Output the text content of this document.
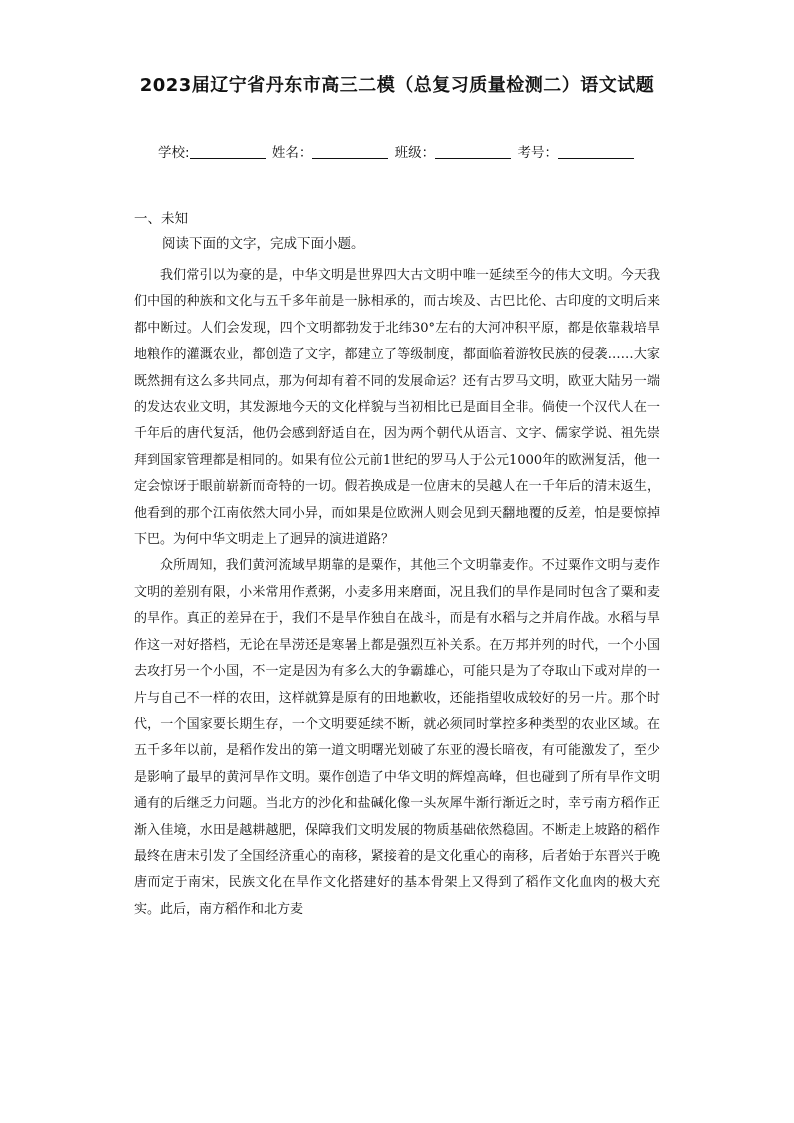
2023届辽宁省丹东市高三二模（总复习质量检测二）语文试题
学校:	姓名：	班级：	考号：
一、未知
阅读下面的文字，完成下面小题。

我们常引以为豪的是，中华文明是世界四大古文明中唯一延续至今的伟大文明。今天我们中国的种族和文化与五千多年前是一脉相承的，而古埃及、古巴比伦、古印度的文明后来都中断过。人们会发现，四个文明都勃发于北纬30°左右的大河冲积平原，都是依靠栽培旱地粮作的灌溉农业，都创造了文字，都建立了等级制度，都面临着游牧民族的侵袭……大家既然拥有这么多共同点，那为何却有着不同的发展命运？还有古罗马文明，欧亚大陆另一端的发达农业文明，其发源地今天的文化样貌与当初相比已是面目全非。倘使一个汉代人在一千年后的唐代复活，他仍会感到舒适自在，因为两个朝代从语言、文字、儒家学说、祖先崇拜到国家管理都是相同的。如果有位公元前1世纪的罗马人于公元1000年的欧洲复活，他一定会惊讶于眼前崭新而奇特的一切。假若换成是一位唐末的吴越人在一千年后的清末返生，他看到的那个江南依然大同小异，而如果是位欧洲人则会见到天翻地覆的反差，怕是要惊掉下巴。为何中华文明走上了迥异的演进道路？

众所周知，我们黄河流域早期靠的是粟作，其他三个文明靠麦作。不过粟作文明与麦作文明的差别有限，小米常用作煮粥，小麦多用来磨面，况且我们的旱作是同时包含了粟和麦的旱作。真正的差异在于，我们不是旱作独自在战斗，而是有水稻与之并肩作战。水稻与旱作这一对好搭档，无论在旱涝还是寒暑上都是强烈互补关系。在万邦并列的时代，一个小国去攻打另一个小国，不一定是因为有多么大的争霸雄心，可能只是为了夺取山下或对岸的一片与自己不一样的农田，这样就算是原有的田地歉收，还能指望收成较好的另一片。那个时代，一个国家要长期生存，一个文明要延续不断，就必须同时掌控多种类型的农业区域。在五千多年以前，是稻作发出的第一道文明曙光划破了东亚的漫长暗夜，有可能激发了，至少是影响了最早的黄河旱作文明。粟作创造了中华文明的辉煌高峰，但也碰到了所有旱作文明通有的后继乏力问题。当北方的沙化和盐碱化像一头灰犀牛渐行渐近之时，幸亏南方稻作正渐入佳境，水田是越耕越肥，保障我们文明发展的物质基础依然稳固。不断走上坡路的稻作最终在唐末引发了全国经济重心的南移，紧接着的是文化重心的南移，后者始于东晋兴于晚唐而定于南宋，民族文化在旱作文化搭建好的基本骨架上又得到了稻作文化血肉的极大充实。此后，南方稻作和北方麦
